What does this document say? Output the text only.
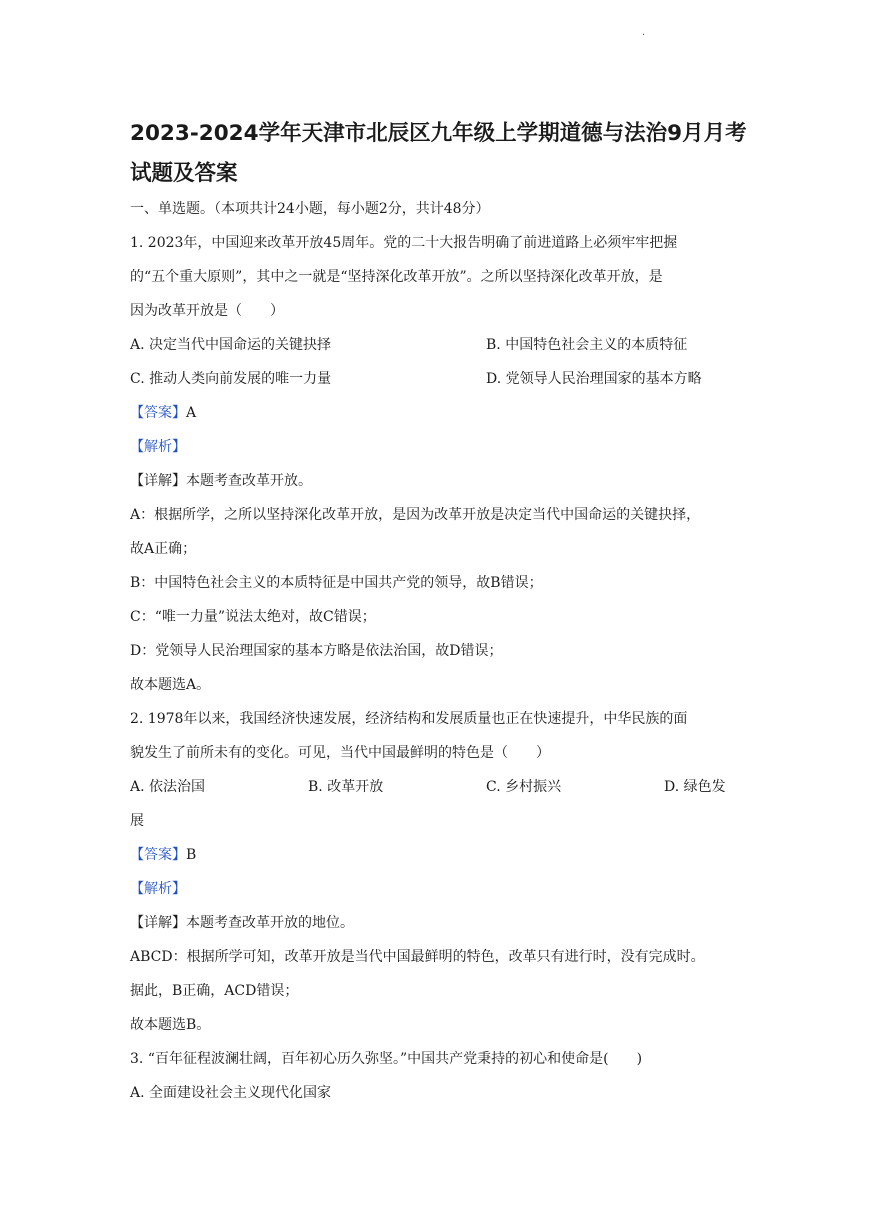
·
2023-2024学年天津市北辰区九年级上学期道德与法治9月月考试题及答案
一、单选题。（本项共计24小题，每小题2分，共计48分）
1. 2023年，中国迎来改革开放45周年。党的二十大报告明确了前进道路上必须牢牢把握
的“五个重大原则”，其中之一就是“坚持深化改革开放”。之所以坚持深化改革开放，是
因为改革开放是（　　）
A. 决定当代中国命运的关键抉择	B. 中国特色社会主义的本质特征
C. 推动人类向前发展的唯一力量	D. 党领导人民治理国家的基本方略
【答案】A
【解析】
【详解】本题考查改革开放。
A：根据所学，之所以坚持深化改革开放，是因为改革开放是决定当代中国命运的关键抉择，
故A正确；
B：中国特色社会主义的本质特征是中国共产党的领导，故B错误；
C：“唯一力量”说法太绝对，故C错误；
D：党领导人民治理国家的基本方略是依法治国，故D错误；
故本题选A。
2. 1978年以来，我国经济快速发展，经济结构和发展质量也正在快速提升，中华民族的面
貌发生了前所未有的变化。可见，当代中国最鲜明的特色是（　　）
A. 依法治国	B. 改革开放	C. 乡村振兴	D. 绿色发
展
【答案】B
【解析】
【详解】本题考查改革开放的地位。
ABCD：根据所学可知，改革开放是当代中国最鲜明的特色，改革只有进行时，没有完成时。
据此，B正确，ACD错误；
故本题选B。
3. “百年征程波澜壮阔，百年初心历久弥坚。”中国共产党秉持的初心和使命是(　　)
A. 全面建设社会主义现代化国家
